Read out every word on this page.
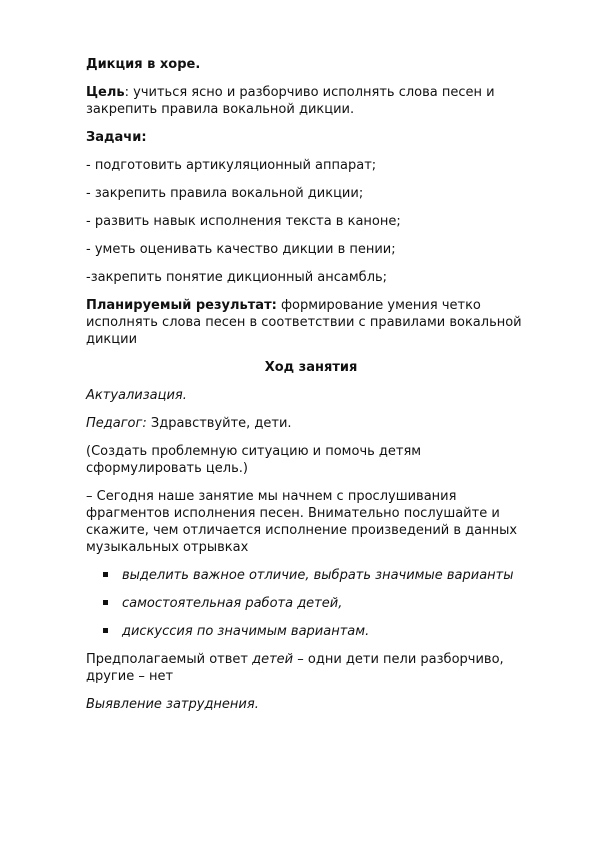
Дикция в хоре.

Цель: учиться ясно и разборчиво исполнять слова песен и закрепить правила вокальной дикции.

Задачи:

- подготовить артикуляционный аппарат;

- закрепить правила вокальной дикции;

- развить навык исполнения текста в каноне;

- уметь оценивать качество дикции в пении;

-закрепить понятие дикционный ансамбль;

Планируемый результат: формирование умения четко исполнять слова песен в соответствии с правилами вокальной дикции

Ход занятия

Актуализация.

Педагог: Здравствуйте, дети.

(Создать проблемную ситуацию и помочь детям сформулировать цель.)

– Сегодня наше занятие мы начнем с прослушивания фрагментов исполнения песен. Внимательно послушайте и скажите, чем отличается исполнение произведений в данных музыкальных отрывках

выделить важное отличие, выбрать значимые варианты
самостоятельная работа детей,
дискуссия по значимым вариантам.

Предполагаемый ответ детей – одни дети пели разборчиво, другие – нет

Выявление затруднения.
